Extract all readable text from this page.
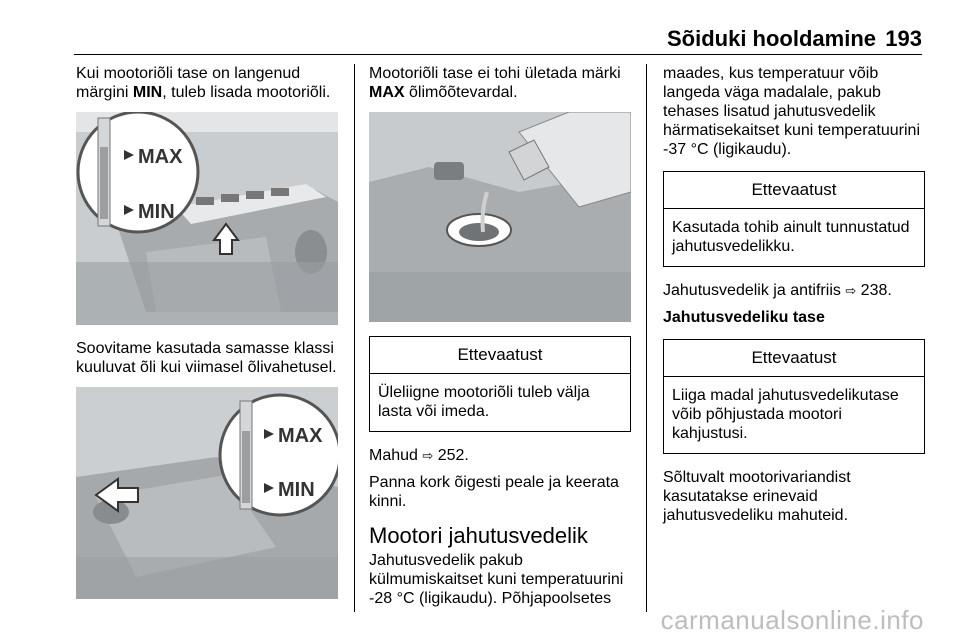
Sõiduki hooldamine 193
Kui mootoriõli tase on langenud
märgini MIN, tuleb lisada mootoriõli.
MAX
MIN
Soovitame kasutada samasse klassi kuuluvat õli kui viimasel õlivahetusel.
MAX
MIN
Mootoriõli tase ei tohi ületada märki MAX õlimõõtevardal.
Ettevaatust
Üleliigne mootoriõli tuleb välja lasta või imeda.
Mahud ⇨ 252.
Panna kork õigesti peale ja keerata kinni.
Mootori jahutusvedelik
Jahutusvedelik pakub külmumiskaitset kuni temperatuurini -28 °C (ligikaudu). Põhjapoolsetes
maades, kus temperatuur võib langeda väga madalale, pakub tehases lisatud jahutusvedelik härmatisekaitset kuni temperatuurini -37 °C (ligikaudu).
Ettevaatust
Kasutada tohib ainult tunnustatud jahutusvedelikku.
Jahutusvedelik ja antifriis ⇨ 238.
Jahutusvedeliku tase
Ettevaatust
Liiga madal jahutusvedelikutase võib põhjustada mootori kahjustusi.
Sõltuvalt mootorivariandist kasutatakse erinevaid jahutusvedeliku mahuteid.
carmanualsonline.info
